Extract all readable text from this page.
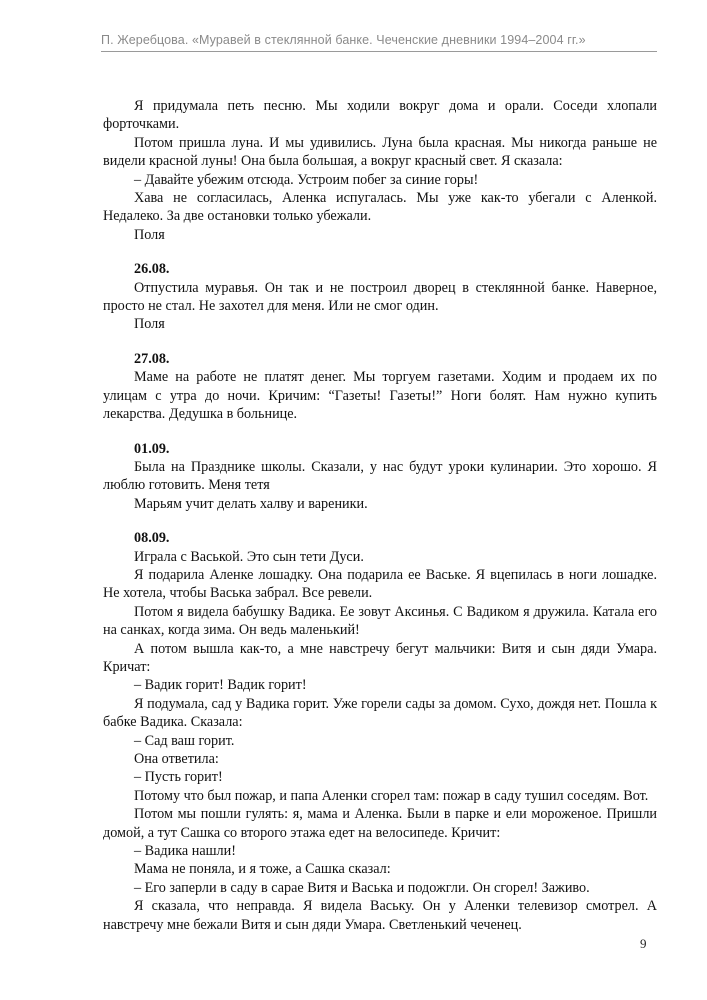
П. Жеребцова. «Муравей в стеклянной банке. Чеченские дневники 1994–2004 гг.»

Я придумала петь песню. Мы ходили вокруг дома и орали. Соседи хлопали форточками.

Потом пришла луна. И мы удивились. Луна была красная. Мы никогда раньше не видели красной луны! Она была большая, а вокруг красный свет. Я сказала:

– Давайте убежим отсюда. Устроим побег за синие горы!

Хава не согласилась, Аленка испугалась. Мы уже как-то убегали с Аленкой. Недалеко. За две остановки только убежали.

Поля
26.08.

Отпустила муравья. Он так и не построил дворец в стеклянной банке. Наверное, просто не стал. Не захотел для меня. Или не смог один.

Поля
27.08.

Маме на работе не платят денег. Мы торгуем газетами. Ходим и продаем их по улицам с утра до ночи. Кричим: “Газеты! Газеты!” Ноги болят. Нам нужно купить лекарства. Дедушка в больнице.

01.09.

Была на Празднике школы. Сказали, у нас будут уроки кулинарии. Это хорошо. Я люблю готовить. Меня тетя

Марьям учит делать халву и вареники.

08.09.

Играла с Васькой. Это сын тети Дуси.

Я подарила Аленке лошадку. Она подарила ее Ваське. Я вцепилась в ноги лошадке. Не хотела, чтобы Васька забрал. Все ревели.

Потом я видела бабушку Вадика. Ее зовут Аксинья. С Вадиком я дружила. Катала его на санках, когда зима. Он ведь маленький!

А потом вышла как-то, а мне навстречу бегут мальчики: Витя и сын дяди Умара. Кричат:

– Вадик горит! Вадик горит!

Я подумала, сад у Вадика горит. Уже горели сады за домом. Сухо, дождя нет. Пошла к бабке Вадика. Сказала:

– Сад ваш горит.

Она ответила:

– Пусть горит!

Потому что был пожар, и папа Аленки сгорел там: пожар в саду тушил соседям. Вот.

Потом мы пошли гулять: я, мама и Аленка. Были в парке и ели мороженое. Пришли домой, а тут Сашка со второго этажа едет на велосипеде. Кричит:

– Вадика нашли!

Мама не поняла, и я тоже, а Сашка сказал:

– Его заперли в саду в сарае Витя и Васька и подожгли. Он сгорел! Заживо.

Я сказала, что неправда. Я видела Ваську. Он у Аленки телевизор смотрел. А навстречу мне бежали Витя и сын дяди Умара. Светленький чеченец.

9
